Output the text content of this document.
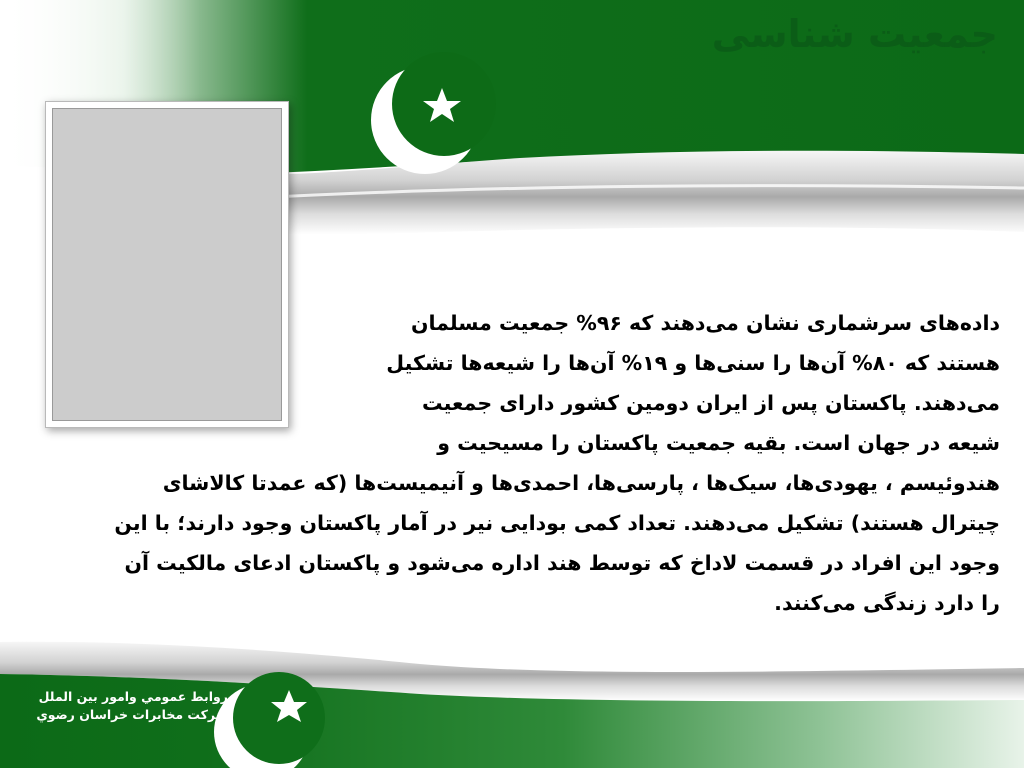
جمعیت شناسی
داده‌های سرشماری نشان می‌دهند که ۹۶% جمعیت مسلمان
هستند که ۸۰% آن‌ها را سنی‌ها و ۱۹% آن‌ها را شیعه‌ها تشکیل
می‌دهند. پاکستان پس از ایران دومین کشور دارای جمعیت
شیعه در جهان است. بقیه جمعیت پاکستان را مسیحیت و
هندوئیسم ، یهودی‌ها، سیک‌ها ، پارسی‌ها، احمدی‌ها و آنیمیست‌ها (که عمدتا کالاشای
چیترال هستند) تشکیل می‌دهند. تعداد کمی بودایی نیر در آمار پاکستان وجود دارند؛ با این
وجود این افراد در قسمت لاداخ که توسط هند اداره می‌شود و پاکستان ادعای مالکیت آن
را دارد زندگی می‌کنند.
روابط عمومي وامور بين الملل
شركت مخابرات خراسان رضوي
